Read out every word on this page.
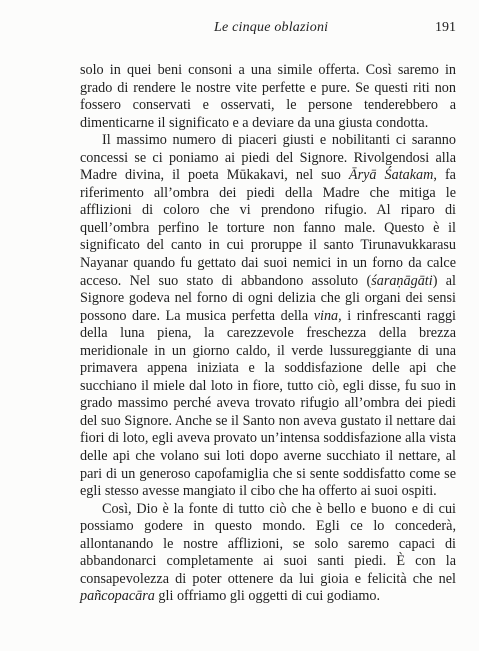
Le cinque oblazioni	191

solo in quei beni consoni a una simile offerta. Così saremo in grado di rendere le nostre vite perfette e pure. Se questi riti non fossero conservati e osservati, le persone tenderebbero a dimenticarne il significato e a deviare da una giusta condotta.

Il massimo numero di piaceri giusti e nobilitanti ci saranno concessi se ci poniamo ai piedi del Signore. Rivolgendosi alla Madre divina, il poeta Mūkakavi, nel suo Āryā Śatakam, fa riferimento all’ombra dei piedi della Madre che mitiga le afflizioni di coloro che vi prendono rifugio. Al riparo di quell’ombra perfino le torture non fanno male. Questo è il significato del canto in cui proruppe il santo Tirunavukkarasu Nayanar quando fu gettato dai suoi nemici in un forno da calce acceso. Nel suo stato di abbandono assoluto (śaraṇāgāti) al Signore godeva nel forno di ogni delizia che gli organi dei sensi possono dare. La musica perfetta della vina, i rinfrescanti raggi della luna piena, la carezzevole freschezza della brezza meridionale in un giorno caldo, il verde lussureggiante di una primavera appena iniziata e la soddisfazione delle api che succhiano il miele dal loto in fiore, tutto ciò, egli disse, fu suo in grado massimo perché aveva trovato rifugio all’ombra dei piedi del suo Signore. Anche se il Santo non aveva gustato il nettare dai fiori di loto, egli aveva provato un’intensa soddisfazione alla vista delle api che volano sui loti dopo averne succhiato il nettare, al pari di un generoso capofamiglia che si sente soddisfatto come se egli stesso avesse mangiato il cibo che ha offerto ai suoi ospiti.

Così, Dio è la fonte di tutto ciò che è bello e buono e di cui possiamo godere in questo mondo. Egli ce lo concederà, allontanando le nostre afflizioni, se solo saremo capaci di abbandonarci completamente ai suoi santi piedi. È con la consapevolezza di poter ottenere da lui gioia e felicità che nel pañcopacāra gli offriamo gli oggetti di cui godiamo.
